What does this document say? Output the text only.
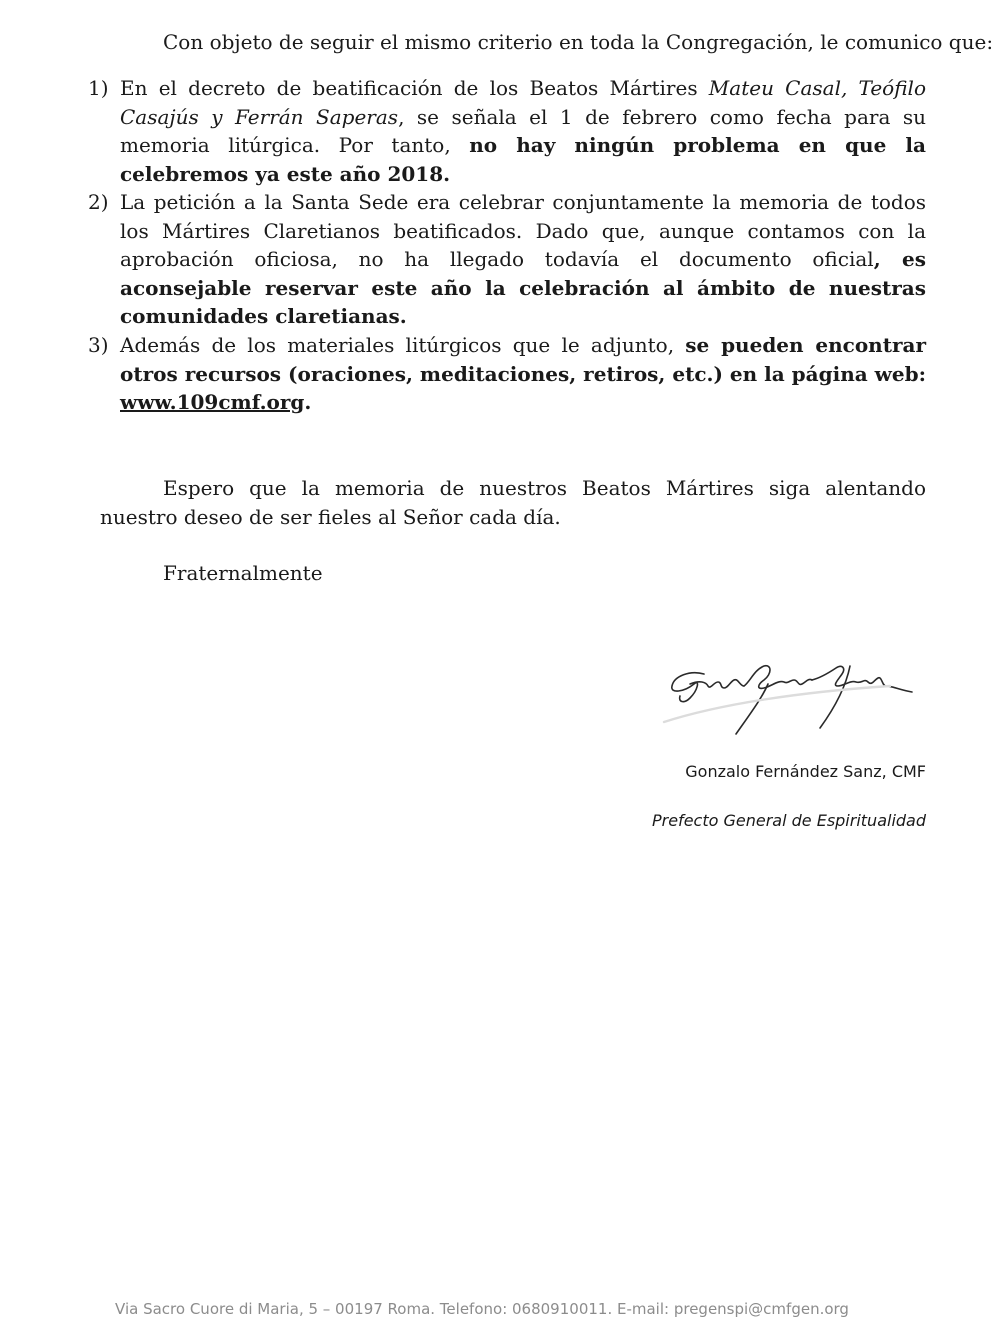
Con objeto de seguir el mismo criterio en toda la Congregación, le comunico que:
1) En el decreto de beatificación de los Beatos Mártires Mateu Casal, Teófilo Casajús y Ferrán Saperas, se señala el 1 de febrero como fecha para su memoria litúrgica. Por tanto, no hay ningún problema en que la celebremos ya este año 2018.
2) La petición a la Santa Sede era celebrar conjuntamente la memoria de todos los Mártires Claretianos beatificados. Dado que, aunque contamos con la aprobación oficiosa, no ha llegado todavía el documento oficial, es aconsejable reservar este año la celebración al ámbito de nuestras comunidades claretianas.
3) Además de los materiales litúrgicos que le adjunto, se pueden encontrar otros recursos (oraciones, meditaciones, retiros, etc.) en la página web: www.109cmf.org.
Espero que la memoria de nuestros Beatos Mártires siga alentando nuestro deseo de ser fieles al Señor cada día.
Fraternalmente
Gonzalo Fernández Sanz, CMF
Prefecto General de Espiritualidad
Via Sacro Cuore di Maria, 5 – 00197 Roma. Telefono: 0680910011. E-mail: pregenspi@cmfgen.org
